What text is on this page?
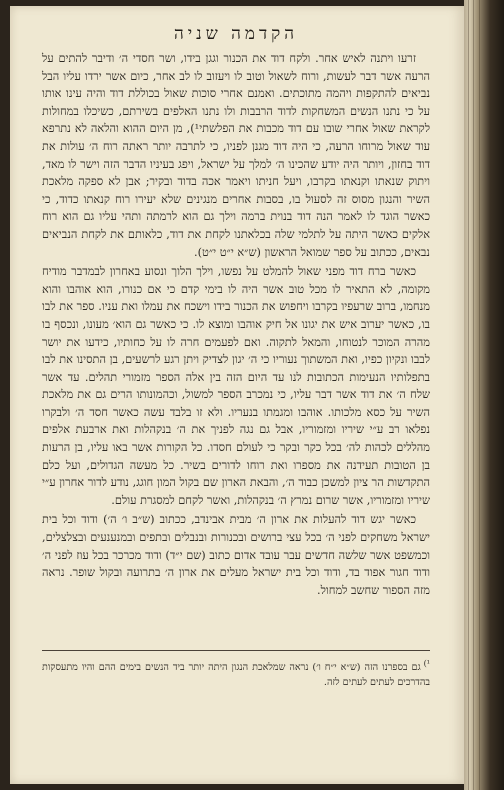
הקדמה שניה

זרעו ויתנה לאיש אחר. ולקח דוד את הכנור וגגן בידו, ושר חסדי ה׳ ודיבר להתים על הרעה אשר דבר לעשות, ורוח לשאול וטוב לו ויעזוב לו לב אחר, כיום אשר ירדו עליו הבל נביאים להתקפות ויהמה מתוכתים. ואמנם אחרי סוכות שאול בכוללת דוד והיה עינו אותו על כי נתנו הנשים המשחקות לדוד הרבבות ולו נתנו האלפים בשירתם, כשיכלו במחולות לקראת שאול אחרי שובו עם דוד מכבות את הפלשתי¹), מן היום ההוא והלאה לא נתרפא עוד שאול מרוחו הרעה, כי היה דוד מגנן לפניו, כי לתרבה יותר ראתה רוח ה׳ עולות את דוד בחזון, ויותר היה יודע שהכינו ה׳ למלך על ישראל, ויפג בעיניו הדבר הזה וישר לו מאד, ויתוק שנאתו וקנאתו בקרבו, ויעל חניתו ויאמר אכה בדוד ובקיר; אבן לא ספקה מלאכת השיר והנגון מסוס זה לסעול בו, בסבות אחרים מנגינים שלא יעירו רוח קנאתו כדוד, כי כאשר הוגד לו לאמר הנה דוד בנוית ברמה וילך גם הוא לרמתה ותהי עליו גם הוא רוח אלקים כאשר היתה על לתלמי שלה בכלאתנו לקחת את דוד, כלאותם את לקחת הנביאים נבאים, ככתוב על ספר שמואל הראשון (ש״א י״ט י״ט).

כאשר ברח דוד מפני שאול להמלט על נפשו, וילך הלוך ונסוע באחרון לבמדבר מודיח מקומה, לא התאיר לו מכל טוב אשר היה לו בימי קדם כי אם כנורו, הוא אוהבו והוא מנחמו, ברוב שרעפיו בקרבו ויחפוש את הכנור בידו וישכח את עמלו ואת עניו. ספר את לבו בו, כאשר יערוב איש את יגונו אל חיק אוהבו ומוצא לו. כי כאשר גם הוא׳ מעונו, ונכסף בו מהרה המוכר לנטוחו, והמאל לתקוה. ואם לפעמים חרה לו על כחותיו, כידעו את יושר לבבו ונקיון כפיו, ואת המשתוך נעוריו כי ה׳ יגון לצדיק ויתן רגע לרשעים, בן התסינו את לבו בתפלותיו הנעימות הכתובות לנו עד היום הזה בין אלה הספר מזמורי תהלים. עד אשר שלח ה׳ את דוד אשר דבר עליו, כי נמכרב הספר למשול, וכהמונותו הרים גם את מלאכת השיר על כסא מלכותו. אוהבו ומגמתו בנעריו. ולא זו בלבד עשה כאשר חסד ה׳ ולבקרו נפלאו רב ע״י שיריו ומזמוריו, אבל גם נגה לפניך את ה׳ בנקהלות ואת ארבעת אלפים מהללים לכהות לה׳ בכל כקר ובקר כי לעולם חסדו. כל הקורות אשר באו עליו, בן הרעות בן הטובות תעידנה את מספרו ואת רוחו לדורים בשיר. כל מעשה הגדולים, ועל כלם התקדשות הר ציון למשכן כבוד ה׳, והבאת הארון שם בקול המון חוגג, נודע לדור אחרון ע״י שיריו ומזמוריו, אשר שרום נמרץ ה׳ בנקהלות, ואשר לקחם למסגרת עולם.

כאשר יגש דוד להעלות את ארון ה׳ מבית אבינדב, ככתוב (ש״ב ו׳ ה׳) ודוד וכל בית ישראל משחקים לפני ה׳ בכל עצי ברושים ובכנורות ובנבלים ובתפים ובמנענעים ובצלצלים, וכמשפט אשר שלשה חדשים עבר עובד אדום כתוב (שם י״ד) ודוד מכרכר בכל עוז לפני ה׳ ודוד חגור אפוד בד, ודוד וכל בית ישראל מעלים את ארון ה׳ בתרועה ובקול שופר. נראה מזה הספור שחשב למחול.

$^{^1)}$גם בספרנו הזה (ש״א י״ח ו׳) נראה שמלאכת הנגון היתה יותר ביד הנשים בימים ההם והיו מתעסקות בהדרכים לעתים לעתים לזה.
